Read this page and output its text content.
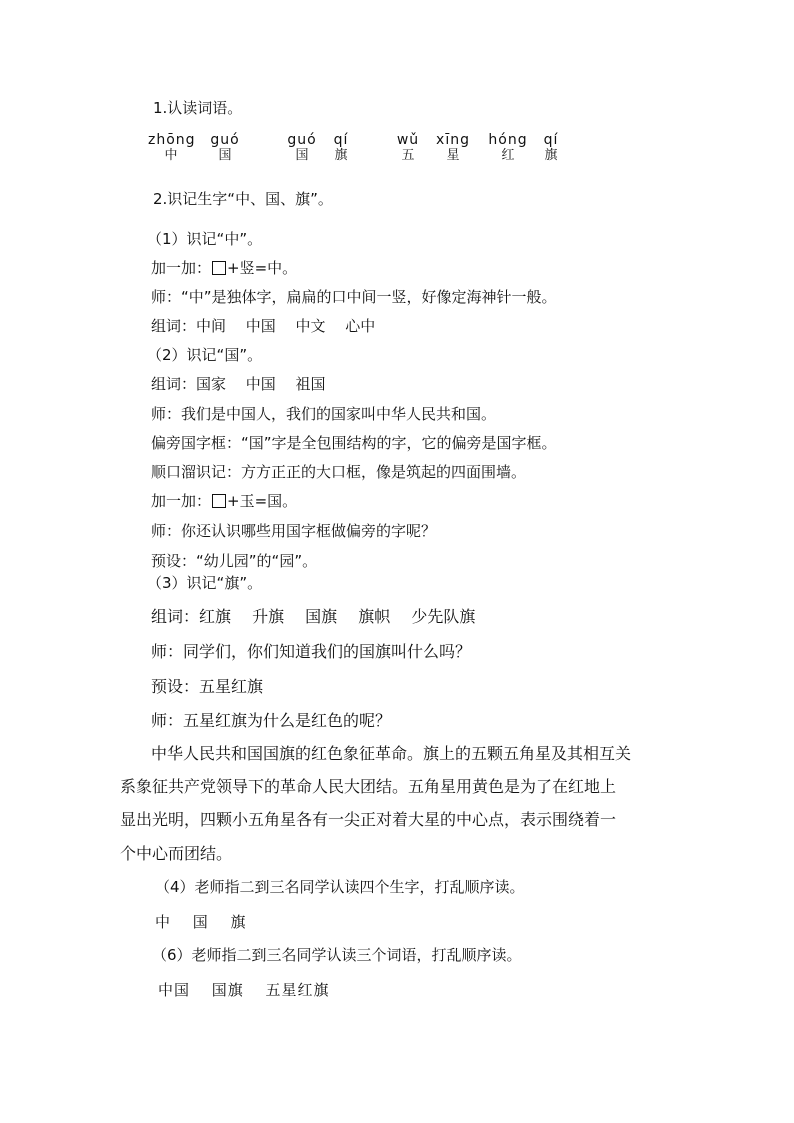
1.认读词语。
zhōng
中
guó
国
guó
国
qí
旗
wǔ
五
xīng
星
hóng
红
qí
旗
2.识记生字“中、国、旗”。
（1）识记“中”。
加一加： +竖=中。
师：“中”是独体字，扁扁的口中间一竖，好像定海神针一般。
组词：中间　 中国　 中文　 心中
（2）识记“国”。
组词：国家　 中国　 祖国
师：我们是中国人，我们的国家叫中华人民共和国。
偏旁国字框：“国”字是全包围结构的字，它的偏旁是国字框。
顺口溜识记：方方正正的大口框，像是筑起的四面围墙。
加一加： +玉=国。
师：你还认识哪些用国字框做偏旁的字呢？
预设：“幼儿园”的“园”。
（3）识记“旗”。
组词：红旗　 升旗　 国旗　 旗帜　 少先队旗
师：同学们，你们知道我们的国旗叫什么吗？
预设：五星红旗
师：五星红旗为什么是红色的呢？
中华人民共和国国旗的红色象征革命。旗上的五颗五角星及其相互关
系象征共产党领导下的革命人民大团结。五角星用黄色是为了在红地上
显出光明，四颗小五角星各有一尖正对着大星的中心点，表示围绕着一
个中心而团结。
（4）老师指二到三名同学认读四个生字，打乱顺序读。
中　 国　 旗
（6）老师指二到三名同学认读三个词语，打乱顺序读。
中国　 国旗　 五星红旗
